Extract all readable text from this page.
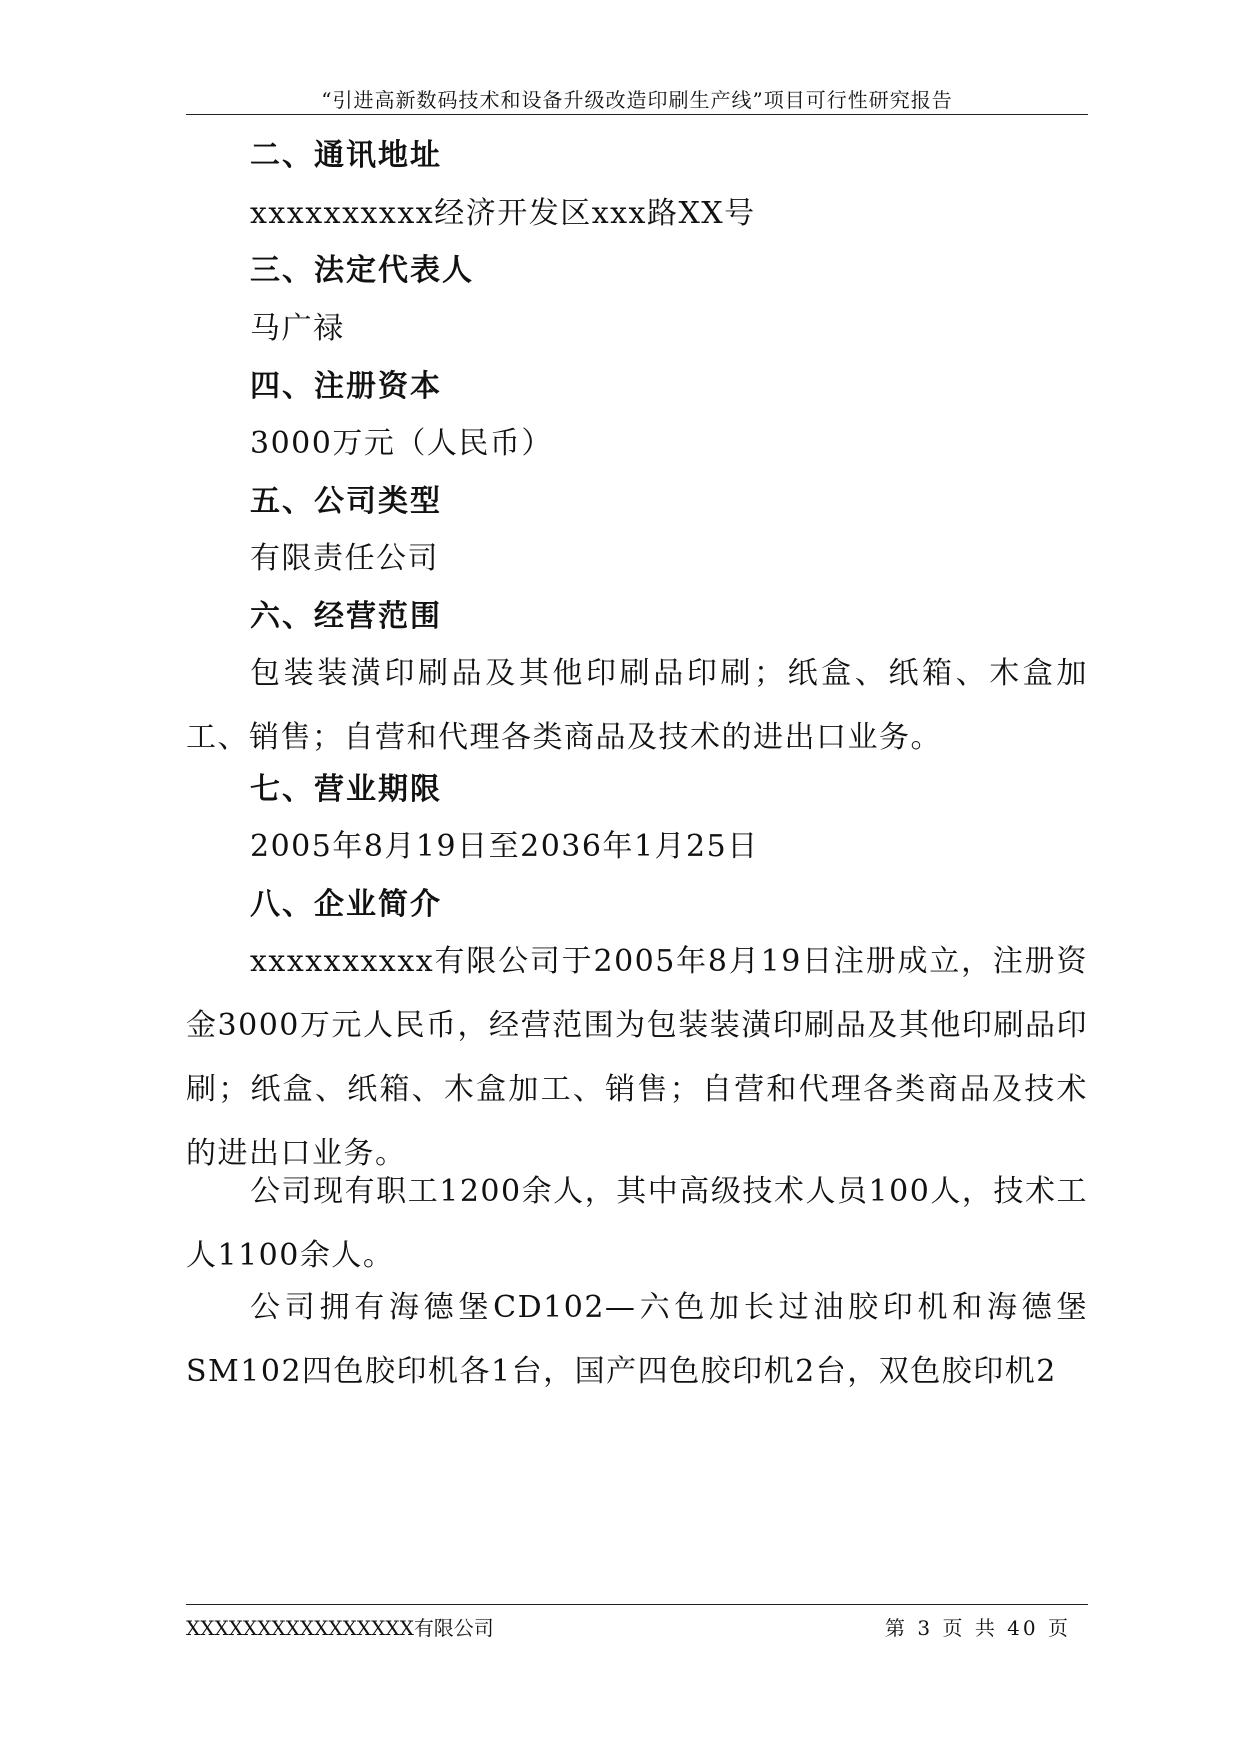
“引进高新数码技术和设备升级改造印刷生产线”项目可行性研究报告
二、通讯地址

xxxxxxxxxx经济开发区xxx路XX号

三、法定代表人

马广禄

四、注册资本

3000万元（人民币）

五、公司类型

有限责任公司

六、经营范围

包装装潢印刷品及其他印刷品印刷；纸盒、纸箱、木盒加工、销售；自营和代理各类商品及技术的进出口业务。

七、营业期限

2005年8月19日至2036年1月25日

八、企业简介

xxxxxxxxxx有限公司于2005年8月19日注册成立，注册资金3000万元人民币，经营范围为包装装潢印刷品及其他印刷品印刷；纸盒、纸箱、木盒加工、销售；自营和代理各类商品及技术的进出口业务。

公司现有职工1200余人，其中高级技术人员100人，技术工人1100余人。

公司拥有海德堡CD102—六色加长过油胶印机和海德堡SM102四色胶印机各1台，国产四色胶印机2台，双色胶印机2

XXXXXXXXXXXXXXXX有限公司	第 3 页 共 40 页
